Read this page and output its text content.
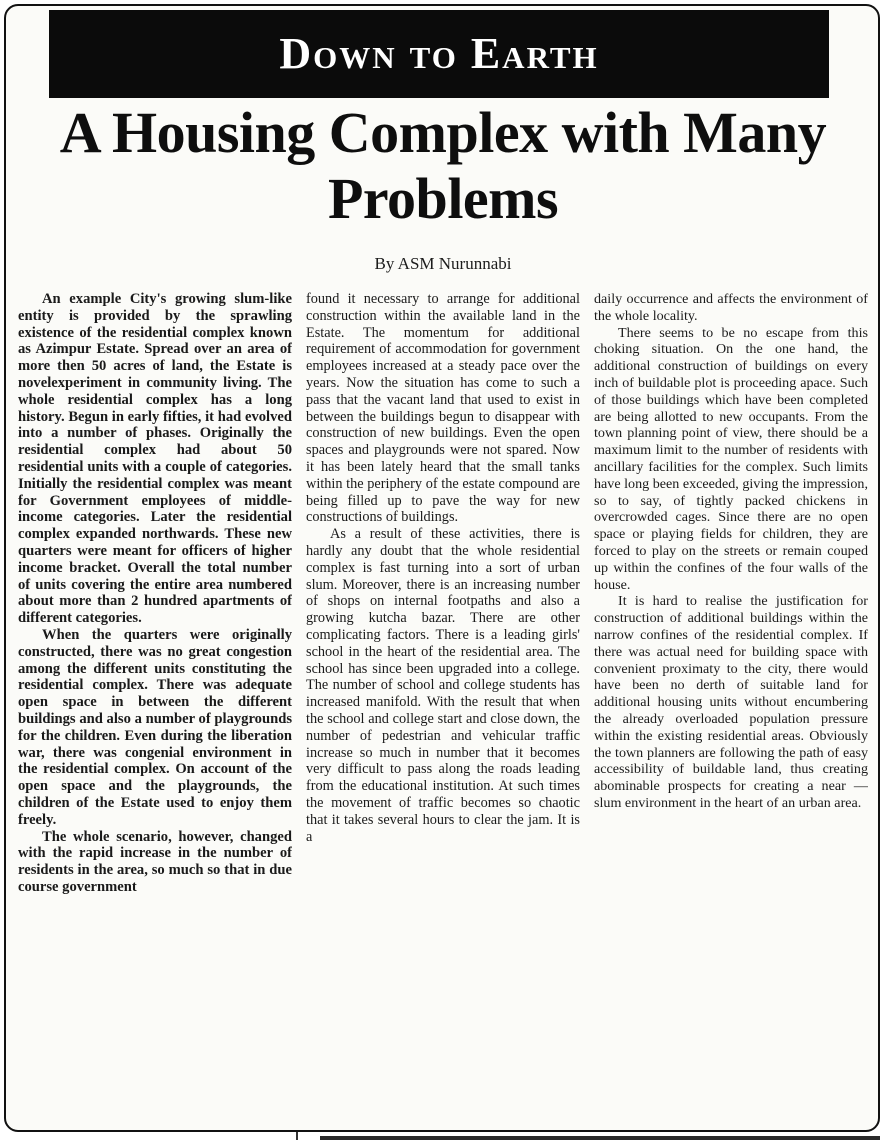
Down to Earth
A Housing Complex with Many Problems
By ASM Nurunnabi

An example City's growing slum-like entity is provided by the sprawling existence of the residential complex known as Azimpur Estate. Spread over an area of more then 50 acres of land, the Estate is novelexperiment in community living. The whole residential complex has a long history. Begun in early fifties, it had evolved into a number of phases. Originally the residential complex had about 50 residential units with a couple of categories. Initially the residential complex was meant for Government employees of middle-income categories. Later the residential complex expanded northwards. These new quarters were meant for officers of higher income bracket. Overall the total number of units covering the entire area numbered about more than 2 hundred apartments of different categories.

When the quarters were originally constructed, there was no great congestion among the different units constituting the residential complex. There was adequate open space in between the different buildings and also a number of playgrounds for the children. Even during the liberation war, there was congenial environment in the residential complex. On account of the open space and the playgrounds, the children of the Estate used to enjoy them freely.

The whole scenario, however, changed with the rapid increase in the number of residents in the area, so much so that in due course government

found it necessary to arrange for additional construction within the available land in the Estate. The momentum for additional requirement of accommodation for government employees increased at a steady pace over the years. Now the situation has come to such a pass that the vacant land that used to exist in between the buildings begun to disappear with construction of new buildings. Even the open spaces and playgrounds were not spared. Now it has been lately heard that the small tanks within the periphery of the estate compound are being filled up to pave the way for new constructions of buildings.

As a result of these activities, there is hardly any doubt that the whole residential complex is fast turning into a sort of urban slum. Moreover, there is an increasing number of shops on internal footpaths and also a growing kutcha bazar. There are other complicating factors. There is a leading girls' school in the heart of the residential area. The school has since been upgraded into a college. The number of school and college students has increased manifold. With the result that when the school and college start and close down, the number of pedestrian and vehicular traffic increase so much in number that it becomes very difficult to pass along the roads leading from the educational institution. At such times the movement of traffic becomes so chaotic that it takes several hours to clear the jam. It is a

daily occurrence and affects the environment of the whole locality.

There seems to be no escape from this choking situation. On the one hand, the additional construction of buildings on every inch of buildable plot is proceeding apace. Such of those buildings which have been completed are being allotted to new occupants. From the town planning point of view, there should be a maximum limit to the number of residents with ancillary facilities for the complex. Such limits have long been exceeded, giving the impression, so to say, of tightly packed chickens in overcrowded cages. Since there are no open space or playing fields for children, they are forced to play on the streets or remain couped up within the confines of the four walls of the house.

It is hard to realise the justification for construction of additional buildings within the narrow confines of the residential complex. If there was actual need for building space with convenient proximaty to the city, there would have been no derth of suitable land for additional housing units without encumbering the already overloaded population pressure within the existing residential areas. Obviously the town planners are following the path of easy accessibility of buildable land, thus creating abominable prospects for creating a near — slum environment in the heart of an urban area.
